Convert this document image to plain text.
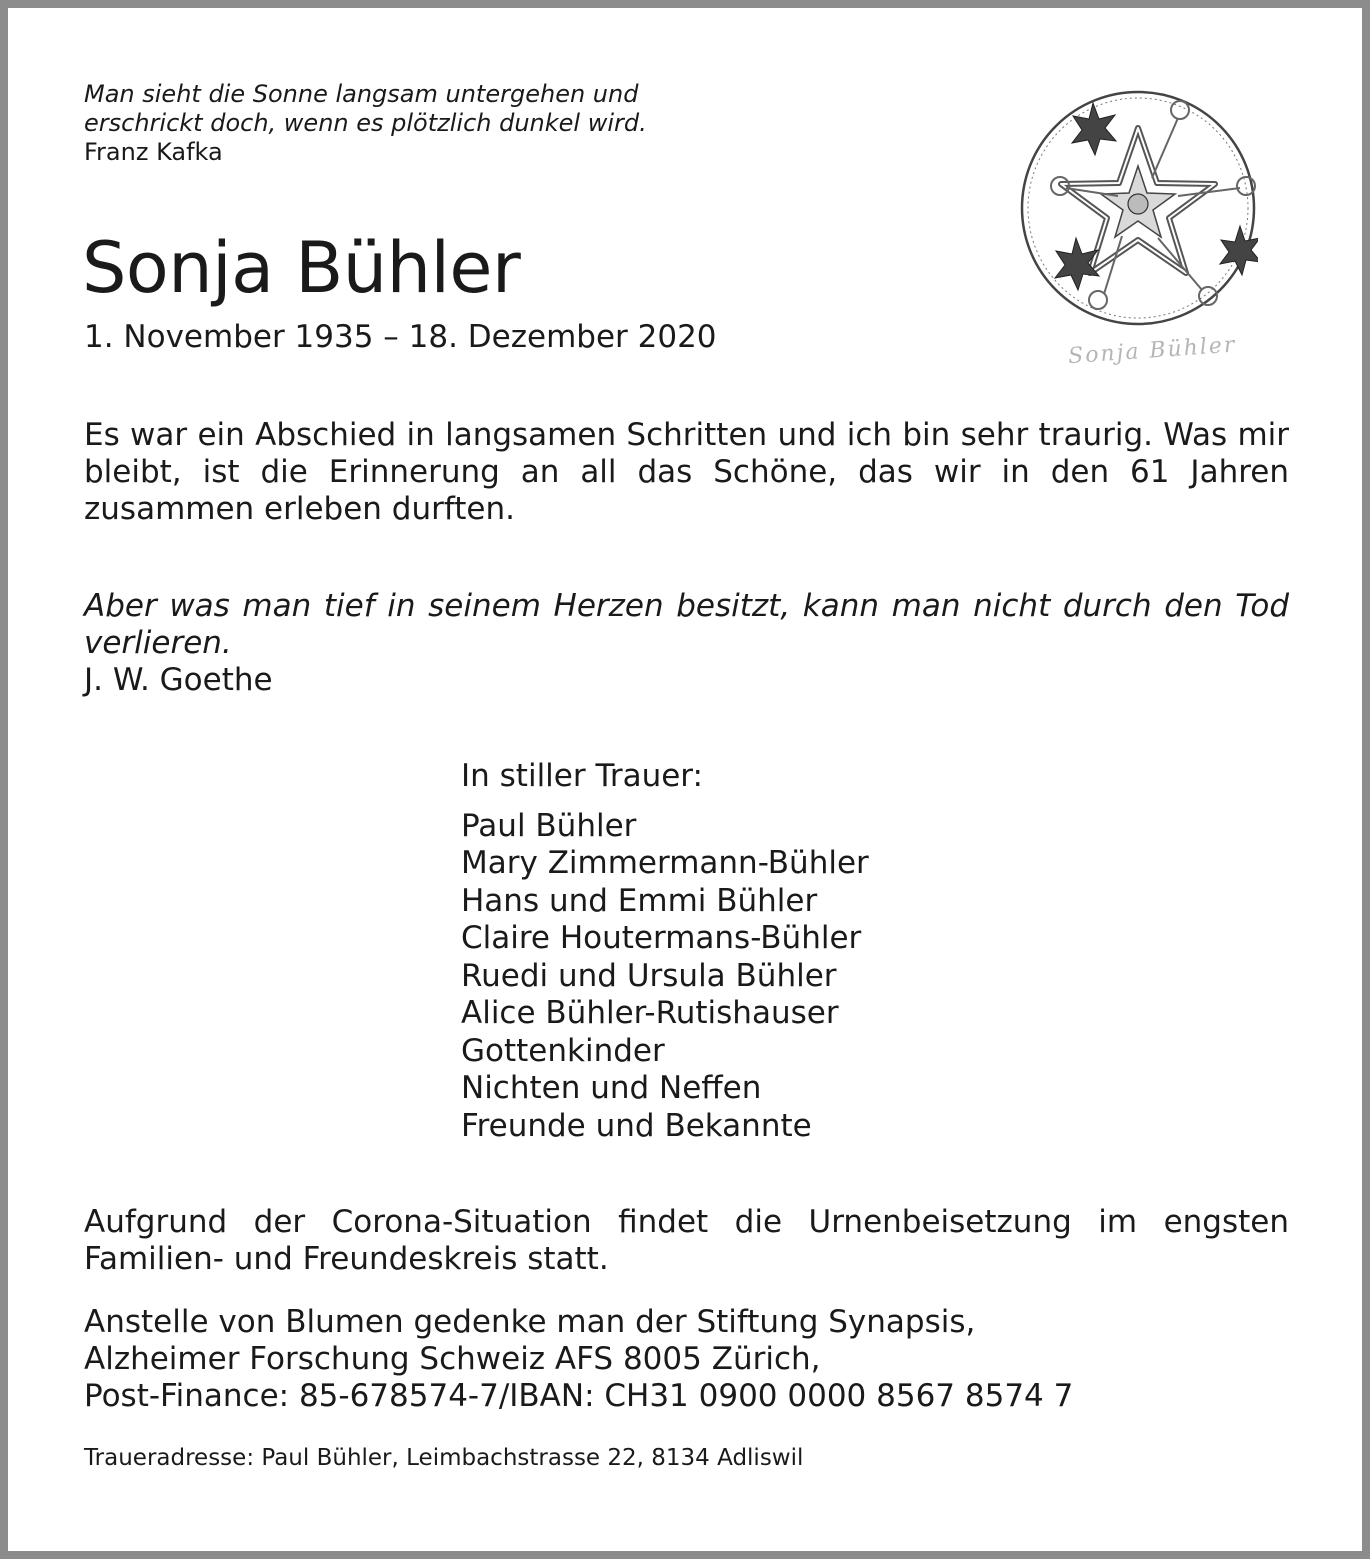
Man sieht die Sonne langsam untergehen und
erschrickt doch, wenn es plötzlich dunkel wird.
Franz Kafka

Sonja Bühler

1. November 1935 – 18. Dezember 2020	Sonja Bühler

Es war ein Abschied in langsamen Schritten und ich bin sehr traurig. Was mir bleibt, ist die Erinnerung an all das Schöne, das wir in den 61 Jahren zusammen erleben durften.

Aber was man tief in seinem Herzen besitzt, kann man nicht durch den Tod verlieren.

J. W. Goethe

In stiller Trauer:
Paul Bühler
Mary Zimmermann-Bühler
Hans und Emmi Bühler
Claire Houtermans-Bühler
Ruedi und Ursula Bühler
Alice Bühler-Rutishauser
Gottenkinder
Nichten und Neffen
Freunde und Bekannte

Aufgrund der Corona-Situation findet die Urnenbeisetzung im engsten Familien- und Freundeskreis statt.

Anstelle von Blumen gedenke man der Stiftung Synapsis,
Alzheimer Forschung Schweiz AFS 8005 Zürich,
Post-Finance: 85-678574-7/IBAN: CH31 0900 0000 8567 8574 7

Traueradresse: Paul Bühler, Leimbachstrasse 22, 8134 Adliswil
